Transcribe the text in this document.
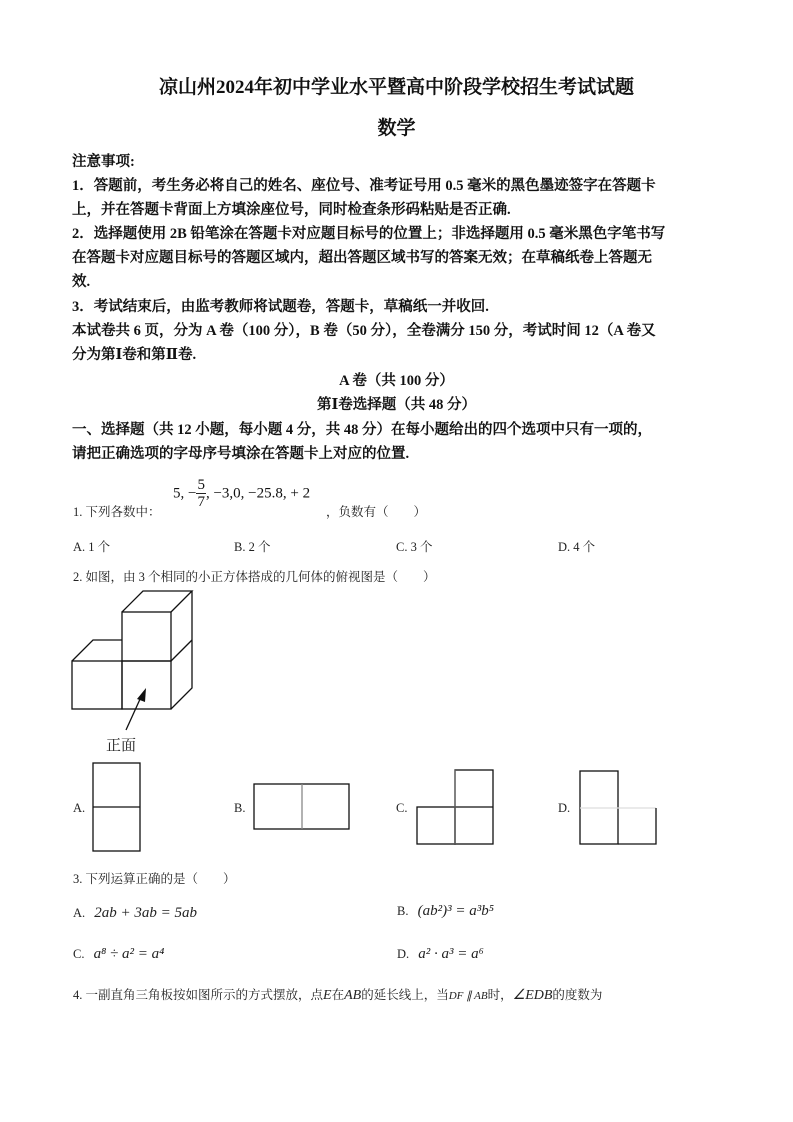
凉山州2024年初中学业水平暨高中阶段学校招生考试试题
数学
注意事项:
1．答题前，考生务必将自己的姓名、座位号、准考证号用 0.5 毫米的黑色墨迹签字在答题卡
上，并在答题卡背面上方填涂座位号，同时检查条形码粘贴是否正确.
2．选择题使用 2B 铅笔涂在答题卡对应题目标号的位置上；非选择题用 0.5 毫米黑色字笔书写
在答题卡对应题目标号的答题区域内，超出答题区域书写的答案无效；在草稿纸卷上答题无
效.
3．考试结束后，由监考教师将试题卷，答题卡，草稿纸一并收回.
本试卷共 6 页，分为 A 卷（100 分），B 卷（50 分），全卷满分 150 分，考试时间 12（A 卷又
分为第Ⅰ卷和第Ⅱ卷.
A 卷（共 100 分）
第Ⅰ卷选择题（共 48 分）
一、选择题（共 12 小题，每小题 4 分，共 48 分）在每小题给出的四个选项中只有一项的，
请把正确选项的字母序号填涂在答题卡上对应的位置.
1. 下列各数中：
5, − $\frac{5}{7}$ , −3,0, −25.8, + 2
，负数有（　　）
A. 1 个	B. 2 个	C. 3 个	D. 4 个
2. 如图，由 3 个相同的小正方体搭成的几何体的俯视图是（　　）
正面
A.	B.	C.	D.
3. 下列运算正确的是（　　）
A. 2ab + 3ab = 5ab	B. (ab²)³ = a³b⁵
C. a⁸ ÷ a² = a⁴	D. a² · a³ = a⁶
4. 一副直角三角板按如图所示的方式摆放，点E在AB的延长线上，当DF ∥ AB时，∠EDB的度数为
